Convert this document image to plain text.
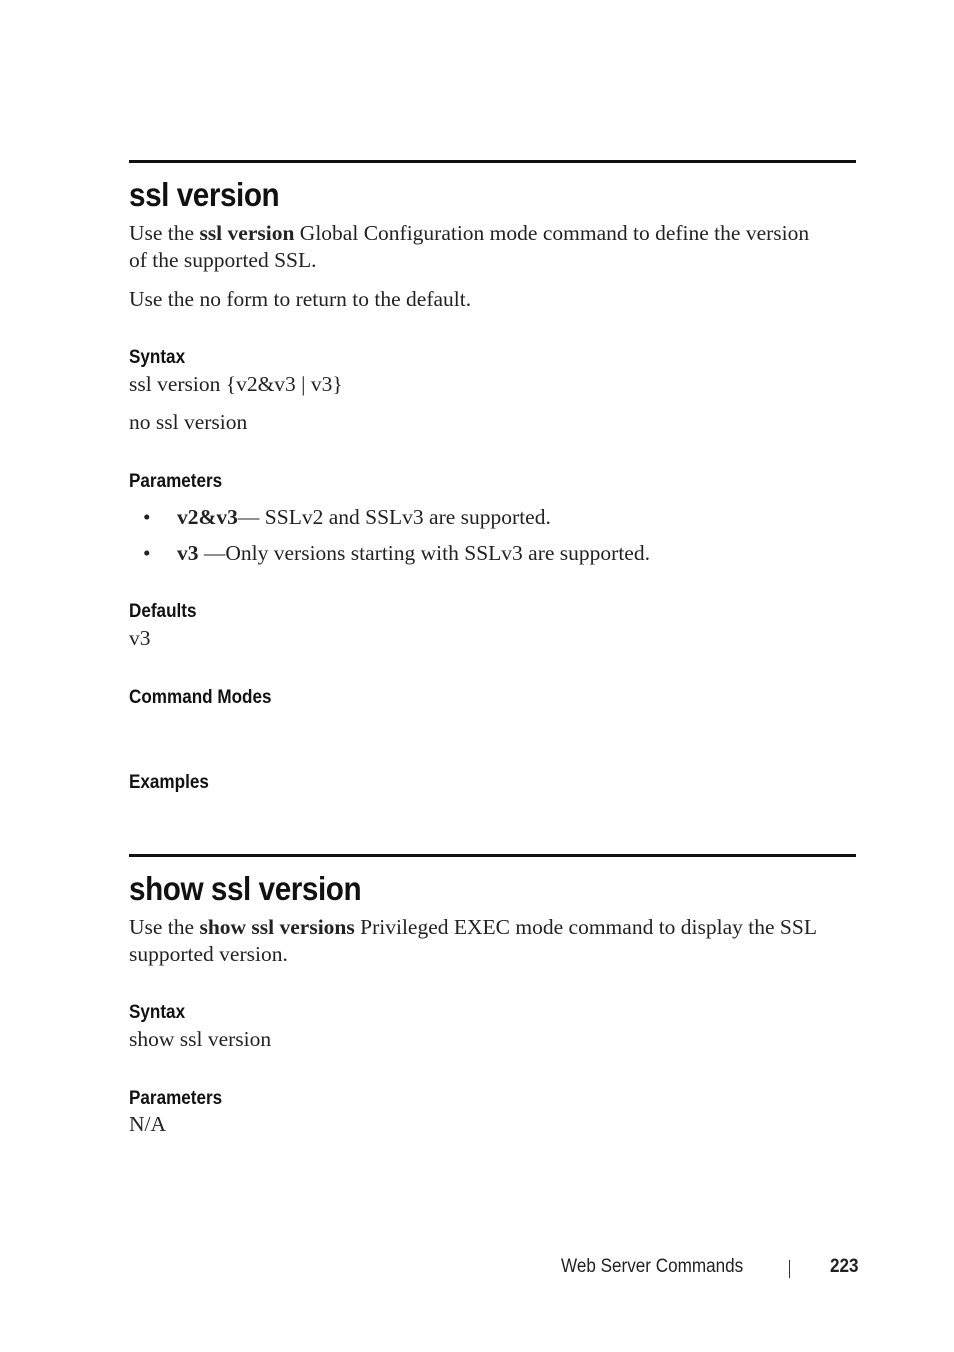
ssl version

Use the ssl version Global Configuration mode command to define the version of the supported SSL.

Use the no form to return to the default.

Syntax

ssl version {v2&v3 | v3}

no ssl version

Parameters
• v2&v3— SSLv2 and SSLv3 are supported.
• v3 —Only versions starting with SSLv3 are supported.
Defaults

v3

Command Modes
Examples
show ssl version

Use the show ssl versions Privileged EXEC mode command to display the SSL supported version.

Syntax

show ssl version

Parameters

N/A

Web Server Commands	223
